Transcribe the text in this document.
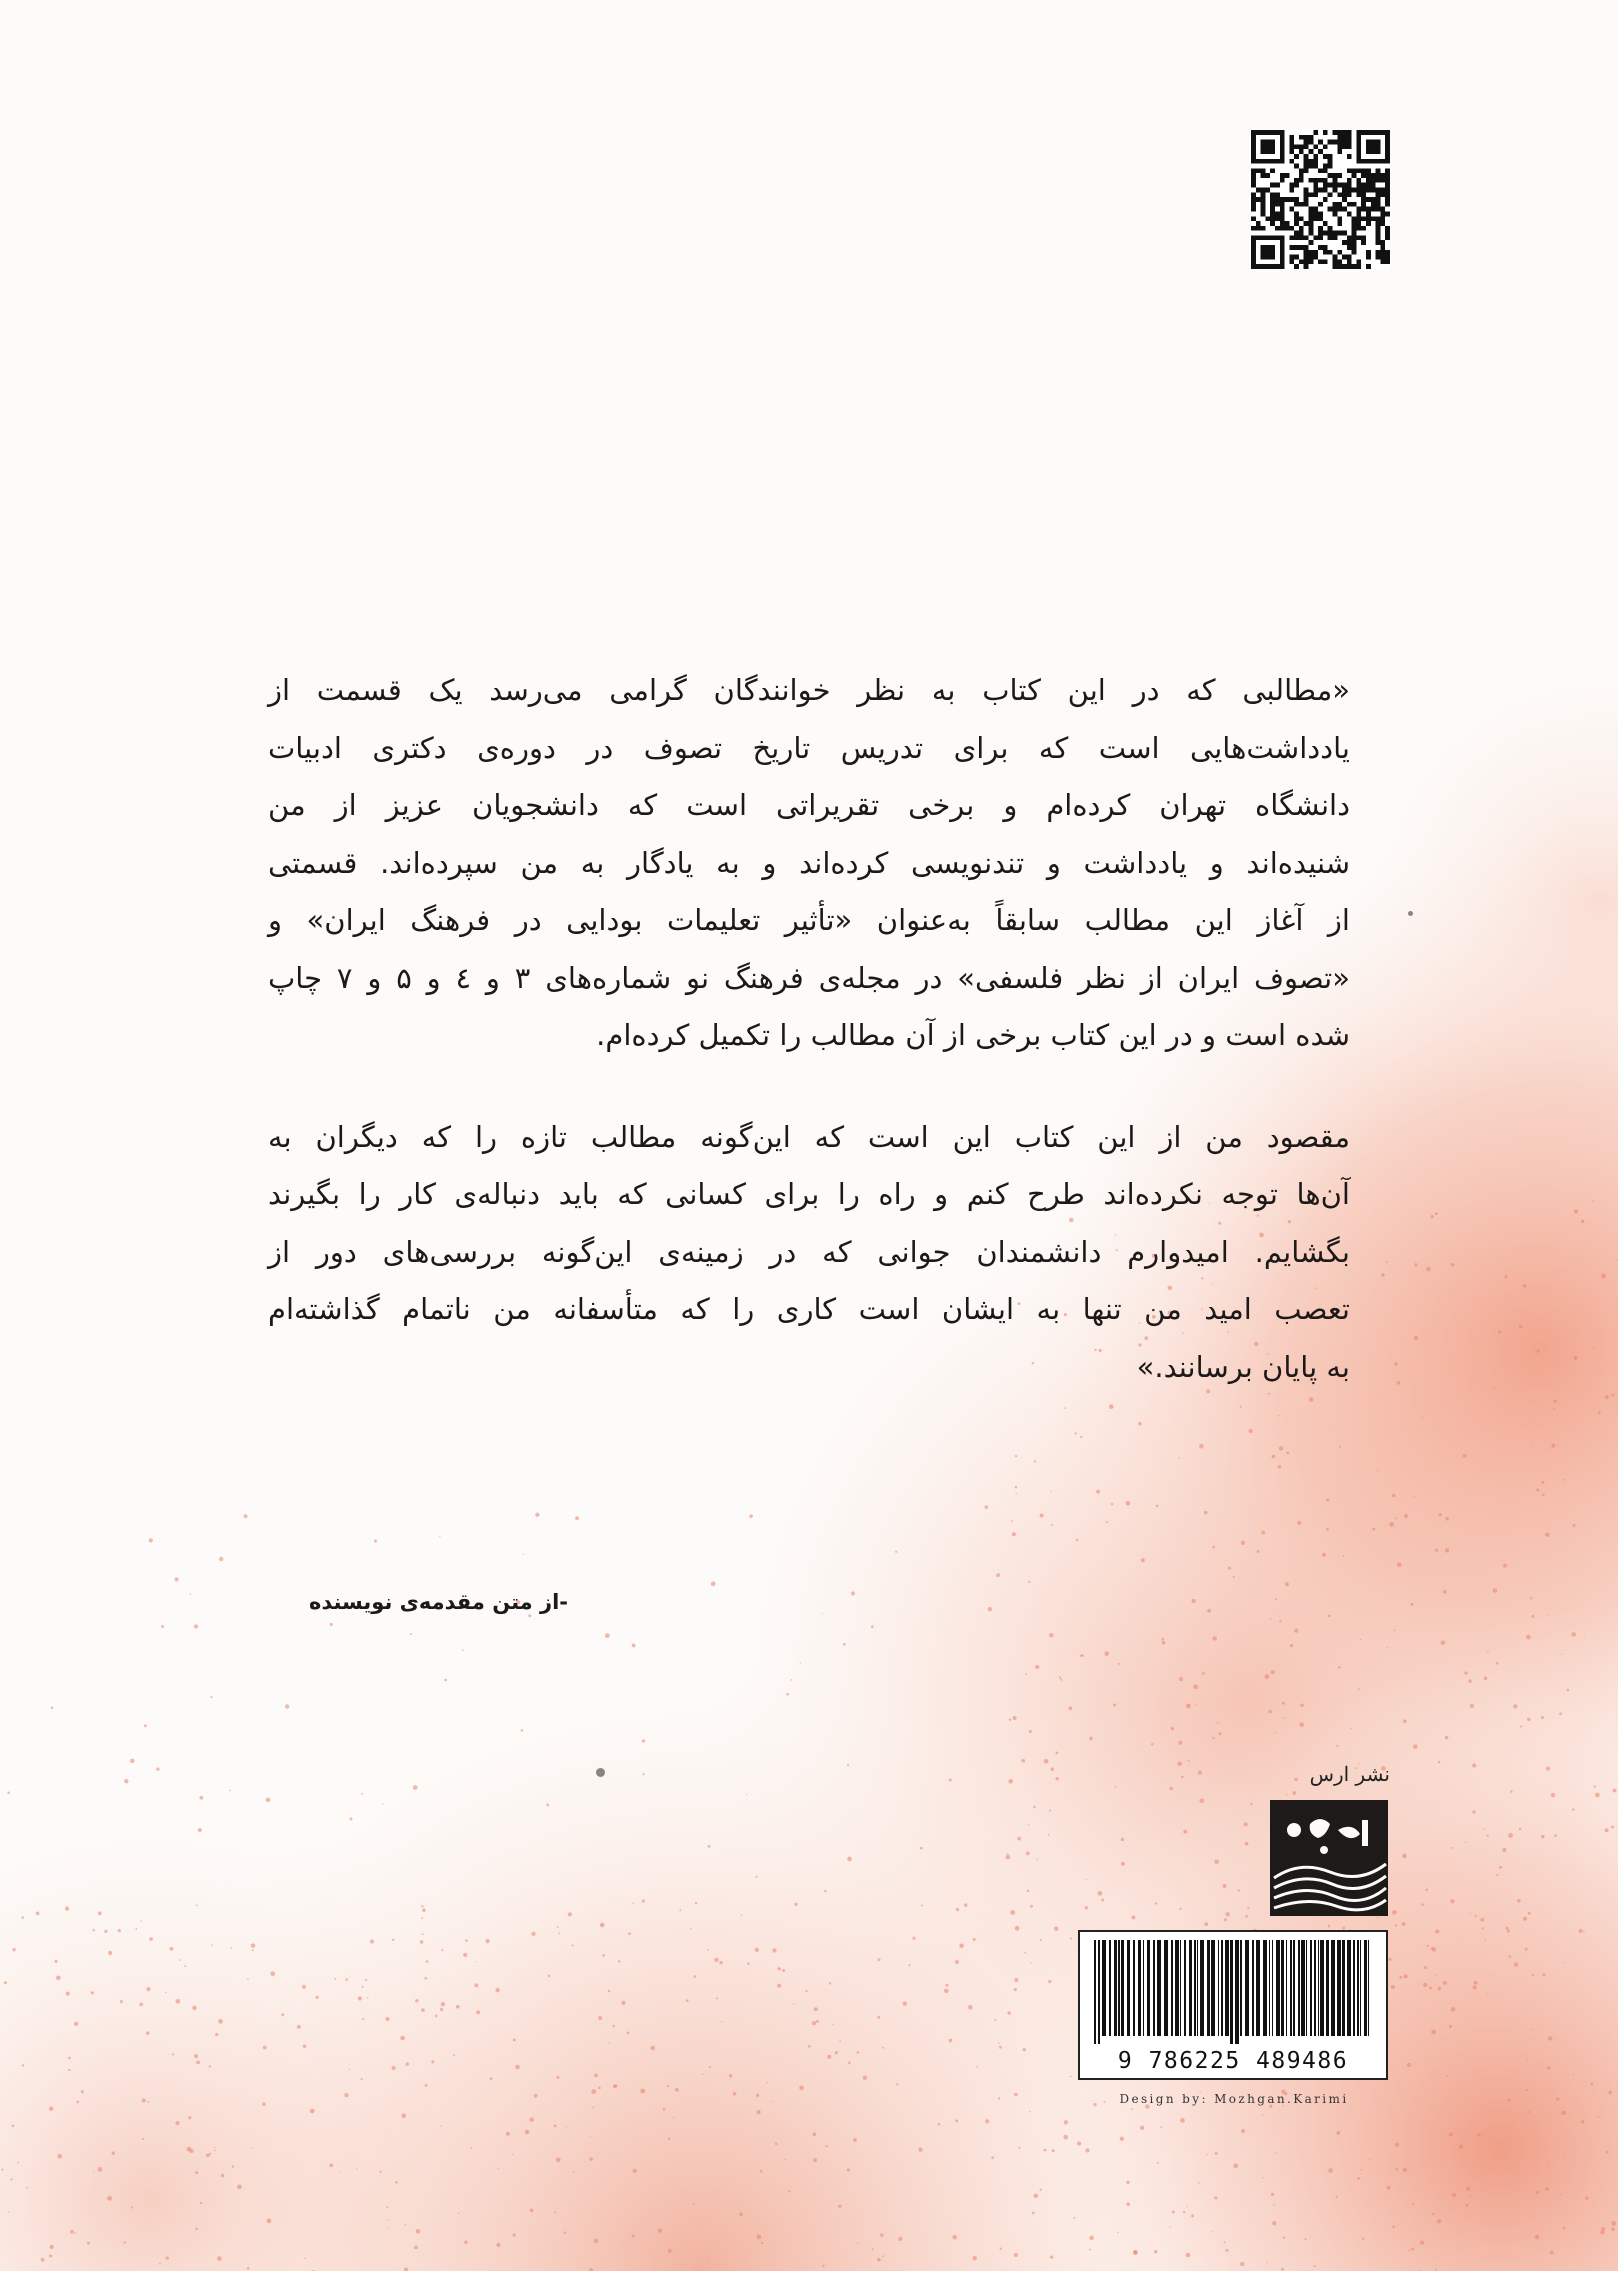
«مطالبی که در این کتاب به نظر خوانندگان گرامی می‌رسد یک قسمت از
یادداشت‌هایی است که برای تدریس تاریخ تصوف در دوره‌ی دکتری ادبیات
دانشگاه تهران کرده‌ام و برخی تقریراتی است که دانشجویان عزیز از من
شنیده‌اند و یادداشت و تندنویسی کرده‌اند و به یادگار به من سپرده‌اند. قسمتی
از آغاز این مطالب سابقاً به‌عنوان «تأثیر تعلیمات بودایی در فرهنگ ایران» و
«تصوف ایران از نظر فلسفی» در مجله‌ی فرهنگ نو شماره‌های ۳ و ٤ و ۵ و ۷ چاپ
شده است و در این کتاب برخی از آن مطالب را تکمیل کرده‌ام.
مقصود من از این کتاب این است که این‌گونه مطالب تازه را که دیگران به
آن‌ها توجه نکرده‌اند طرح کنم و راه را برای کسانی که باید دنباله‌ی کار را بگیرند
بگشایم. امیدوارم دانشمندان جوانی که در زمینه‌ی این‌گونه بررسی‌های دور از
تعصب امید من تنها به ایشان است کاری را که متأسفانه من ناتمام گذاشته‌ام
به پایان برسانند.»
-از متن مقدمه‌ی نویسنده
نشر ارس
9 786225 489486
Design by: Mozhgan.Karimi
